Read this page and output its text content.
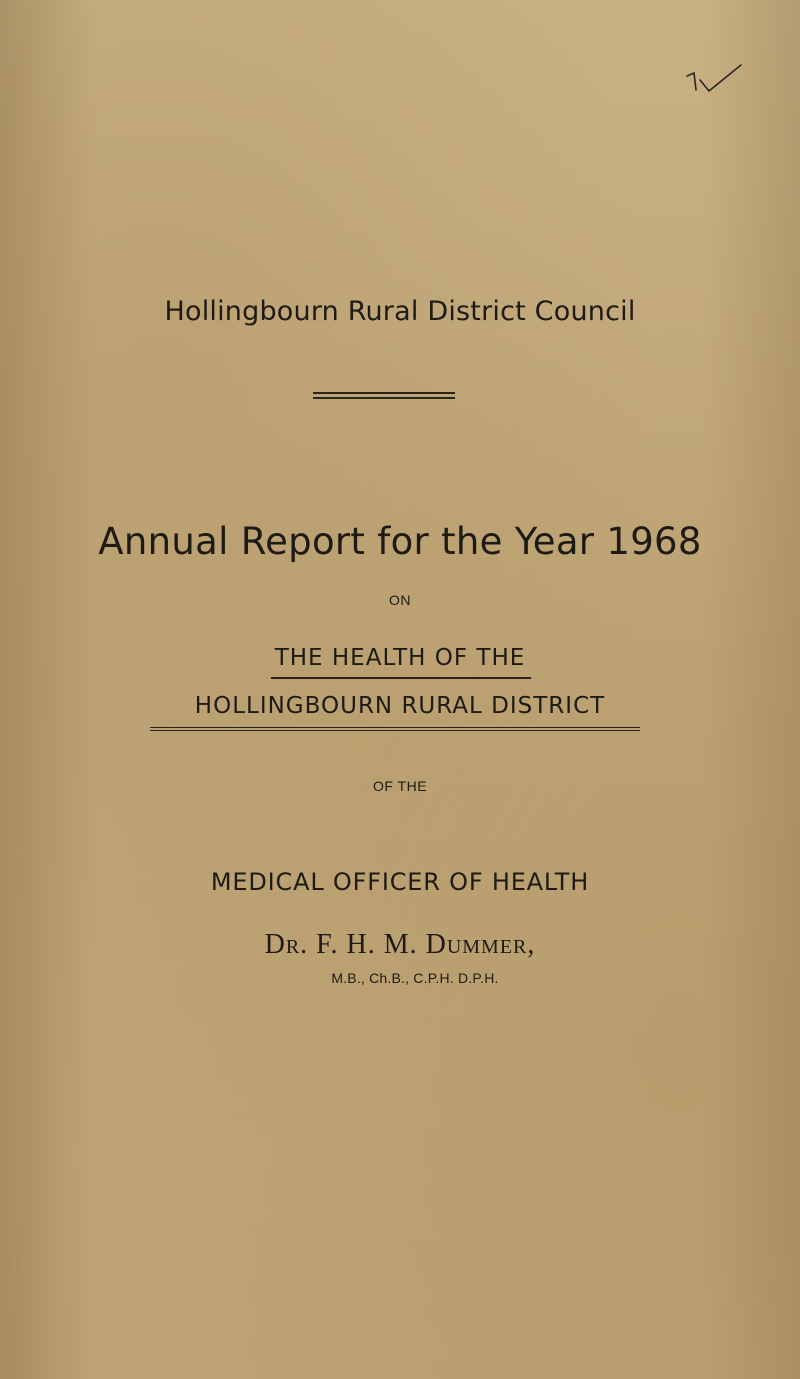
Hollingbourn Rural District Council
Annual Report for the Year 1968
ON
THE HEALTH OF THE
HOLLINGBOURN RURAL DISTRICT
OF THE
MEDICAL OFFICER OF HEALTH
Dr. F. H. M. Dummer,
M.B., Ch.B., C.P.H. D.P.H.
